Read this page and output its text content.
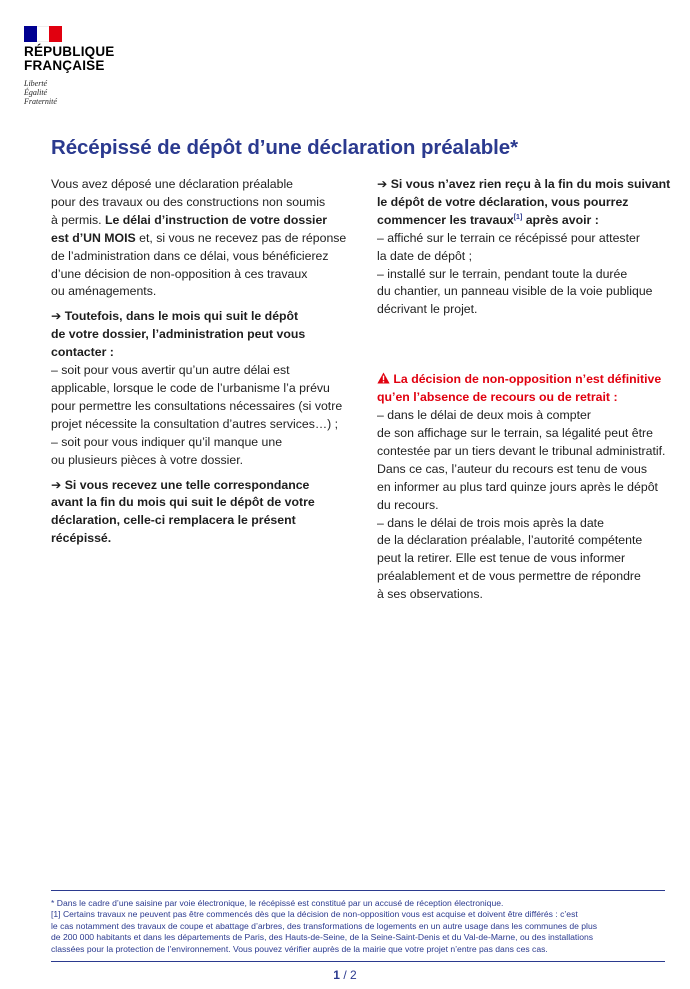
RÉPUBLIQUE
FRANÇAISE
Liberté
Égalité
Fraternité
Récépissé de dépôt d’une déclaration préalable*

Vous avez déposé une déclaration préalable
pour des travaux ou des constructions non soumis
à permis. Le délai d’instruction de votre dossier
est d’UN MOIS et, si vous ne recevez pas de réponse
de l’administration dans ce délai, vous bénéficierez
d’une décision de non-opposition à ces travaux
ou aménagements.

➔ Toutefois, dans le mois qui suit le dépôt
de votre dossier, l’administration peut vous
contacter :

– soit pour vous avertir qu’un autre délai est
applicable, lorsque le code de l’urbanisme l’a prévu
pour permettre les consultations nécessaires (si votre
projet nécessite la consultation d’autres services…) ;
– soit pour vous indiquer qu’il manque une
ou plusieurs pièces à votre dossier.

➔ Si vous recevez une telle correspondance
avant la fin du mois qui suit le dépôt de votre
déclaration, celle-ci remplacera le présent
récépissé.

➔ Si vous n’avez rien reçu à la fin du mois suivant
le dépôt de votre déclaration, vous pourrez
commencer les travaux[1] après avoir :

– affiché sur le terrain ce récépissé pour attester
la date de dépôt ;
– installé sur le terrain, pendant toute la durée
du chantier, un panneau visible de la voie publique
décrivant le projet.

La décision de non-opposition n’est définitive
qu’en l’absence de recours ou de retrait :

– dans le délai de deux mois à compter
de son affichage sur le terrain, sa légalité peut être
contestée par un tiers devant le tribunal administratif.
Dans ce cas, l’auteur du recours est tenu de vous
en informer au plus tard quinze jours après le dépôt
du recours.
– dans le délai de trois mois après la date
de la déclaration préalable, l’autorité compétente
peut la retirer. Elle est tenue de vous informer
préalablement et de vous permettre de répondre
à ses observations.

* Dans le cadre d’une saisine par voie électronique, le récépissé est constitué par un accusé de réception électronique.

[1] Certains travaux ne peuvent pas être commencés dès que la décision de non-opposition vous est acquise et doivent être différés : c’est
le cas notamment des travaux de coupe et abattage d’arbres, des transformations de logements en un autre usage dans les communes de plus
de 200 000 habitants et dans les départements de Paris, des Hauts-de-Seine, de la Seine-Saint-Denis et du Val-de-Marne, ou des installations
classées pour la protection de l’environnement. Vous pouvez vérifier auprès de la mairie que votre projet n’entre pas dans ces cas.

1 / 2
